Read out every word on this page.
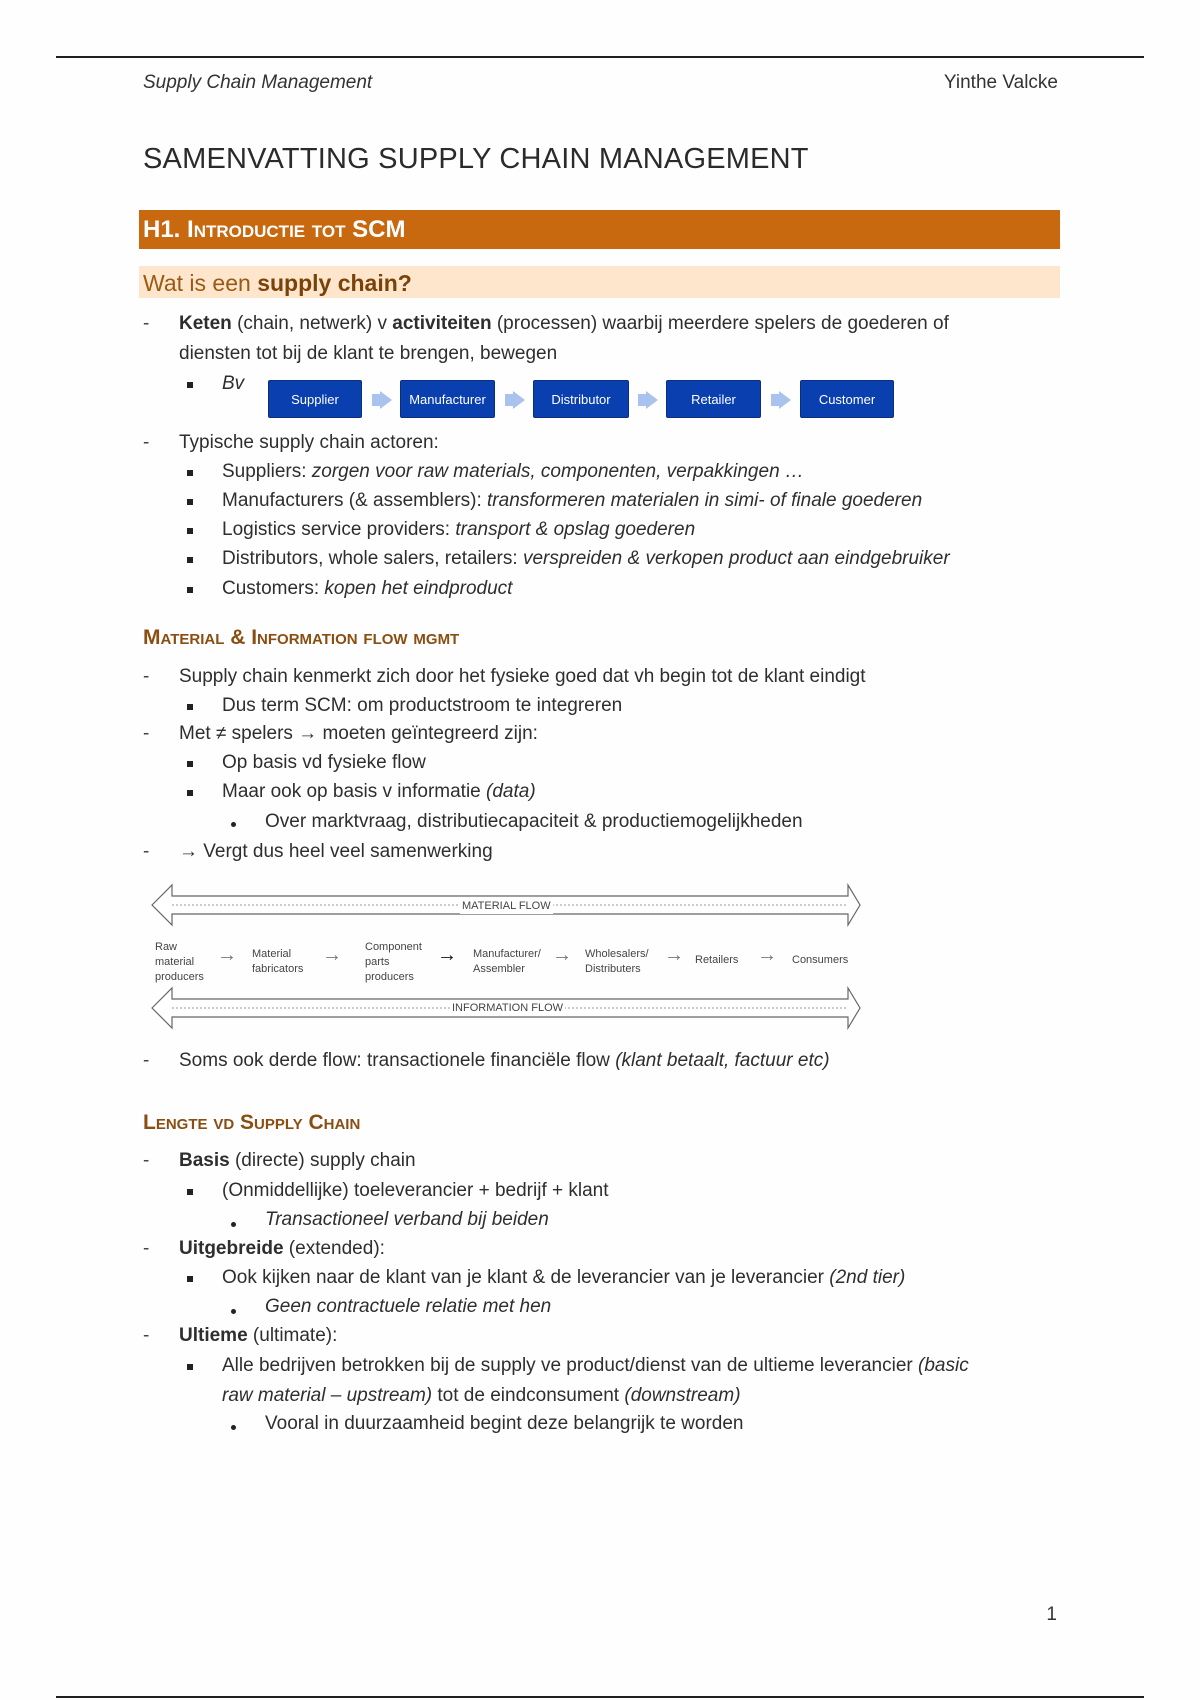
Supply Chain Management	Yinthe Valcke
SAMENVATTING SUPPLY CHAIN MANAGEMENT
H1. Introductie tot SCM
Wat is een supply chain?
- Keten (chain, netwerk) v activiteiten (processen) waarbij meerdere spelers de goederen of
diensten tot bij de klant te brengen, bewegen
Bv
Supplier	Manufacturer	Distributor	Retailer	Customer
- Typische supply chain actoren:
Suppliers: zorgen voor raw materials, componenten, verpakkingen …
Manufacturers (& assemblers): transformeren materialen in simi- of finale goederen
Logistics service providers: transport & opslag goederen
Distributors, whole salers, retailers: verspreiden & verkopen product aan eindgebruiker
Customers: kopen het eindproduct
Material & Information flow mgmt
- Supply chain kenmerkt zich door het fysieke goed dat vh begin tot de klant eindigt
Dus term SCM: om productstroom te integreren
- Met ≠ spelers → moeten geïntegreerd zijn:
Op basis vd fysieke flow
Maar ook op basis v informatie (data)
Over marktvraag, distributiecapaciteit & productiemogelijkheden
- → Vergt dus heel veel samenwerking
MATERIAL FLOW
INFORMATION FLOW
Raw
material
producers
→ Material
fabricators
→ Component
parts
producers
→ Manufacturer/
Assembler
→ Wholesalers/
Distributers
→ Retailers → Consumers
- Soms ook derde flow: transactionele financiële flow (klant betaalt, factuur etc)
Lengte vd Supply Chain
- Basis (directe) supply chain
(Onmiddellijke) toeleverancier + bedrijf + klant
Transactioneel verband bij beiden
- Uitgebreide (extended):
Ook kijken naar de klant van je klant & de leverancier van je leverancier (2nd tier)
Geen contractuele relatie met hen
- Ultieme (ultimate):
Alle bedrijven betrokken bij de supply ve product/dienst van de ultieme leverancier (basic
raw material – upstream) tot de eindconsument (downstream)
Vooral in duurzaamheid begint deze belangrijk te worden
1
